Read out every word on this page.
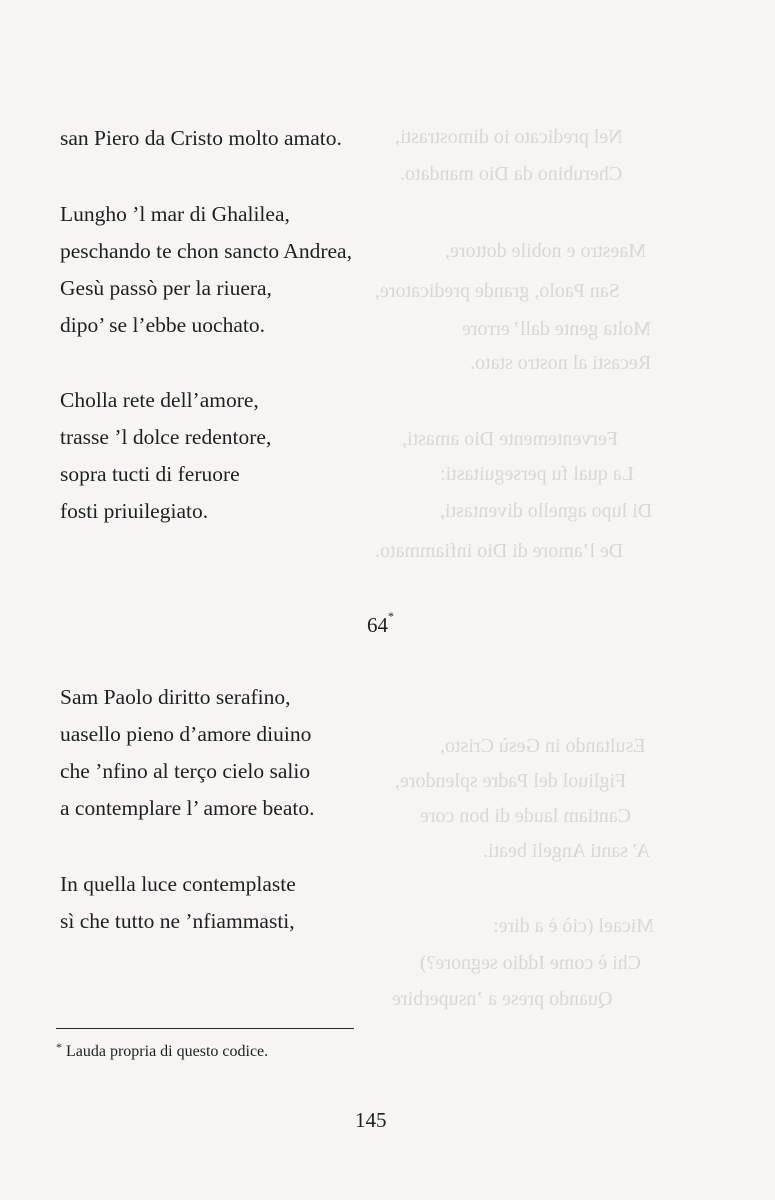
Nel predicato io dimostrasti,
Cherubino da Dio mandato.
Maestro e nobile dottore,
San Paolo, grande predicatore,
Molta gente dall’ errore
Recasti al nostro stato.
Ferventemente Dio amasti,
La qual fu perseguitasti:
Di lupo agnello diventasti,
De l’amore di Dio infiammato.
Esultando in Gesù Cristo,
Figliuol del Padre splendore,
Cantiam laude di bon core
A’ santi Angeli beati.
Micael (ciò è a dire:
Chi è come Iddio segnore?)
Quando prese a ’nsuperbire
san Piero da Cristo molto amato.
Lungho ’l mar di Ghalilea,
peschando te chon sancto Andrea,
Gesù passò per la riuera,
dipo’ se l’ebbe uochato.
Cholla rete dell’amore,
trasse ’l dolce redentore,
sopra tucti di feruore
fosti priuilegiato.
64*
Sam Paolo diritto serafino,
uasello pieno d’amore diuino
che ’nfino al terço cielo salio
a contemplare l’ amore beato.
In quella luce contemplaste
sì che tutto ne ’nfiammasti,
* Lauda propria di questo codice.
145
